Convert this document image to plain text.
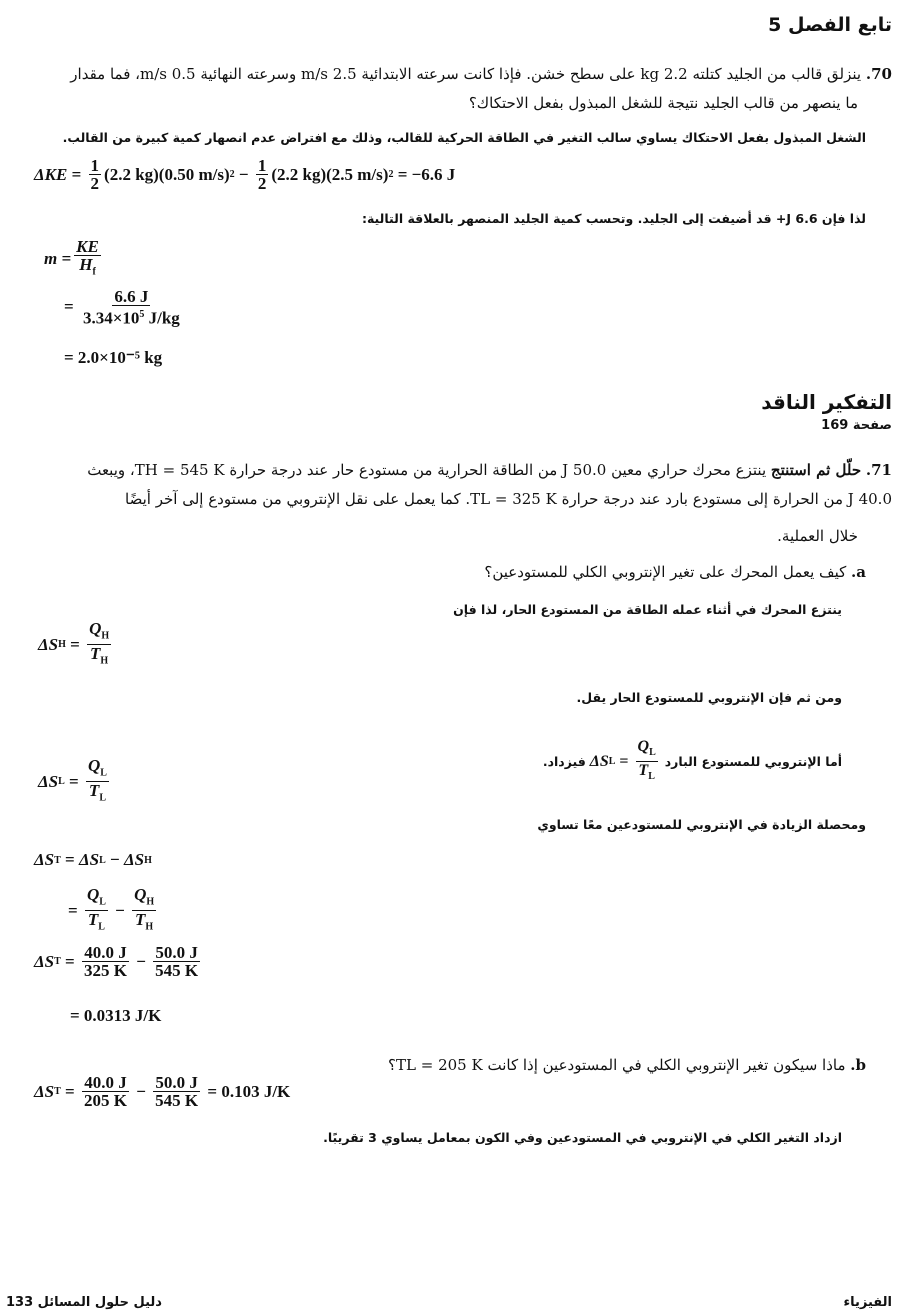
تابع الفصل 5
70. ينزلق قالب من الجليد كتلته 2.2 kg على سطح خشن. فإذا كانت سرعته الابتدائية 2.5 m/s وسرعته النهائية 0.5 m/s، فما مقدار
ما ينصهر من قالب الجليد نتيجة للشغل المبذول بفعل الاحتكاك؟
الشغل المبذول بفعل الاحتكاك يساوي سالب التغير في الطاقة الحركية للقالب، وذلك مع افتراض عدم انصهار كمية كبيرة من القالب.
$\Delta KE = \frac{1}{2} (2.2$ kg)(0.50 m/s) $2 - \frac{1}{2} (2.2$ kg)(2.5 m/s) 2
= −6.6 J
لذا فإن 6.6 J+ قد أضيفت إلى الجليد. وتحسب كمية الجليد المنصهر بالعلاقة التالية:
$m = \frac{KE}{H_f}$
= $\frac{6.6 J}{3.34\times 10^5 J/kg}$
= 2.0×10⁻⁵ kg
التفكير الناقد
صفحة 169
71. حلّل ثم استنتج ينتزع محرك حراري معين 50.0 J من الطاقة الحرارية من مستودع حار عند درجة حرارة TH = 545 K، ويبعث
40.0 J من الحرارة إلى مستودع بارد عند درجة حرارة TL = 325 K. كما يعمل على نقل الإنتروبي من مستودع إلى آخر أيضًا
خلال العملية.
a. كيف يعمل المحرك على تغير الإنتروبي الكلي للمستودعين؟
ينتزع المحرك في أثناء عمله الطاقة من المستودع الحار، لذا فإن
ΔS $H = \frac{Q_H}{T_H}$
ومن ثم فإن الإنتروبي للمستودع الحار يقل.
أما الإنتروبي للمستودع البارد
ΔS $L = \frac{Q_L}{T_L}$
فيزداد.
ΔS $L = \frac{Q_L}{T_L}$
ومحصلة الزيادة في الإنتروبي للمستودعين معًا تساوي
ΔS T = ΔS L − ΔS H
= $\frac{Q_L}{T_L} - \frac{Q_H}{T_H}$
ΔS $T = \frac{40.0 J}{325 K} - \frac{50.0 J}{545 K}$
= 0.0313 J/K
b. ماذا سيكون تغير الإنتروبي الكلي في المستودعين إذا كانت TL = 205 K؟
ΔS $T = \frac{40.0 J}{205 K} - \frac{50.0 J}{545 K}$
= 0.103 J/K
ازداد التغير الكلي في الإنتروبي في المستودعين وفي الكون بمعامل يساوي 3 تقريبًا.
دليل حلول المسائل 133	الفيزياء
